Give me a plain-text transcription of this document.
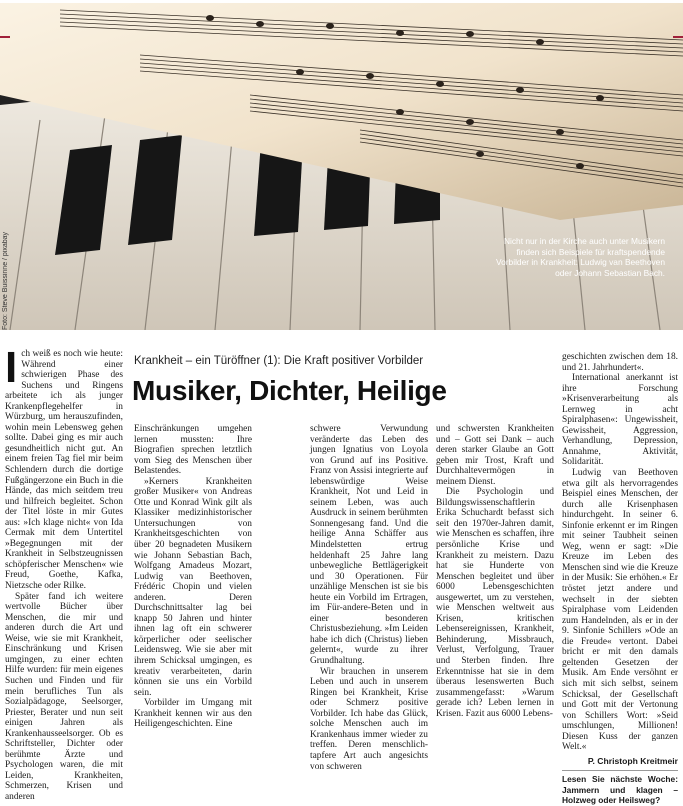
Foto: Steve Buissinne / pixabay	Nicht nur in der Kirche auch unter Musikern finden sich Beispiele für kraftspendende Vorbilder in Krankheit: Ludwig van Beethoven oder Johann Sebastian Bach.
I ch weiß es noch wie heute: Während einer schwierigen Phase des Suchens und Ringens arbeitete ich als junger Krankenpflegehelfer in Würzburg, um herauszufinden, wohin mein Lebensweg gehen sollte. Dabei ging es mir auch gesundheitlich nicht gut. An einem freien Tag fiel mir beim Schlendern durch die dortige Fußgängerzone ein Buch in die Hände, das mich seitdem treu und hilfreich begleitet. Schon der Titel löste in mir Gutes aus: »Ich klage nicht« von Ida Cermak mit dem Untertitel »Begegnungen mit der Krankheit in Selbstzeugnissen schöpferischer Menschen« wie Freud, Goethe, Kafka, Nietzsche oder Rilke.

Später fand ich weitere wertvolle Bücher über Menschen, die mir und anderen durch die Art und Weise, wie sie mit Krankheit, Einschränkung und Krisen umgingen, zu einer echten Hilfe wurden: für mein eigenes Suchen und Finden und für mein berufliches Tun als Sozialpädagoge, Seelsorger, Priester, Berater und nun seit einigen Jahren als Krankenhausseelsorger. Ob es Schriftsteller, Dichter oder berühmte Ärzte und Psychologen waren, die mit Leiden, Krankheiten, Schmerzen, Krisen und anderen

Krankheit – ein Türöffner (1): Die Kraft positiver Vorbilder
Musiker, Dichter, Heilige

Einschränkungen umgehen lernen mussten: Ihre Biografien sprechen letztlich vom Sieg des Menschen über Belastendes.

»Kerners Krankheiten großer Musiker« von Andreas Otte und Konrad Wink gilt als Klassiker medizinhistorischer Untersuchungen von Krankheitsgeschichten von über 20 begnadeten Musikern wie Johann Sebastian Bach, Wolfgang Amadeus Mozart, Ludwig van Beethoven, Frédéric Chopin und vielen anderen. Deren Durchschnittsalter lag bei knapp 50 Jahren und hinter ihnen lag oft ein schwerer körperlicher oder seelischer Leidensweg. Wie sie aber mit ihrem Schicksal umgingen, es kreativ verarbeiteten, darin können sie uns ein Vorbild sein.

Vorbilder im Umgang mit Krankheit kennen wir aus den Heiligengeschichten. Eine

schwere Verwundung veränderte das Leben des jungen Ignatius von Loyola von Grund auf ins Positive. Franz von Assisi integrierte auf lebenswürdige Weise Krankheit, Not und Leid in seinem Leben, was auch Ausdruck in seinem berühmten Sonnengesang fand. Und die heilige Anna Schäffer aus Mindelstetten ertrug heldenhaft 25 Jahre lang unbewegliche Bettlägerigkeit und 30 Operationen. Für unzählige Menschen ist sie bis heute ein Vorbild im Ertragen, im Für-andere-Beten und in einer besonderen Christusbeziehung. »Im Leiden habe ich dich (Christus) lieben gelernt«, wurde zu ihrer Grundhaltung.

Wir brauchen in unserem Leben und auch in unserem Ringen bei Krankheit, Krise oder Schmerz positive Vorbilder. Ich habe das Glück, solche Menschen auch im Krankenhaus immer wieder zu treffen. Deren menschlich-tapfere Art auch angesichts von schweren

und schwersten Krankheiten und – Gott sei Dank – auch deren starker Glaube an Gott geben mir Trost, Kraft und Durchhaltevermögen in meinem Dienst.

Die Psychologin und Bildungswissenschaftlerin Erika Schuchardt befasst sich seit den 1970er-Jahren damit, wie Menschen es schaffen, ihre persönliche Krise und Krankheit zu meistern. Dazu hat sie Hunderte von Menschen begleitet und über 6000 Lebensgeschichten ausgewertet, um zu verstehen, wie Menschen weltweit aus Krisen, kritischen Lebensereignissen, Krankheit, Behinderung, Missbrauch, Verlust, Verfolgung, Trauer und Sterben finden. Ihre Erkenntnisse hat sie in dem überaus lesenswerten Buch zusammengefasst: »Warum gerade ich? Leben lernen in Krisen. Fazit aus 6000 Lebens-

geschichten zwischen dem 18. und 21. Jahrhundert«.

International anerkannt ist ihre Forschung »Krisenverarbeitung als Lernweg in acht Spiralphasen«: Ungewissheit, Gewissheit, Aggression, Verhandlung, Depression, Annahme, Aktivität, Solidarität.

Ludwig van Beethoven etwa gilt als hervorragendes Beispiel eines Menschen, der durch alle Krisenphasen hindurchgeht. In seiner 6. Sinfonie erkennt er im Ringen mit seiner Taubheit seinen Weg, wenn er sagt: »Die Kreuze im Leben des Menschen sind wie die Kreuze in der Musik: Sie erhöhen.« Er tröstet jetzt andere und wechselt in der siebten Spiralphase vom Leidenden zum Handelnden, als er in der 9. Sinfonie Schillers »Ode an die Freude« vertont. Dabei bricht er mit den damals geltenden Gesetzen der Musik. Am Ende versöhnt er sich mit sich selbst, seinem Schicksal, der Gesellschaft und Gott mit der Vertonung von Schillers Wort: »Seid umschlungen, Millionen! Diesen Kuss der ganzen Welt.«

P. Christoph Kreitmeir
Lesen Sie nächste Woche: Jammern und klagen – Holzweg oder Heilsweg?
